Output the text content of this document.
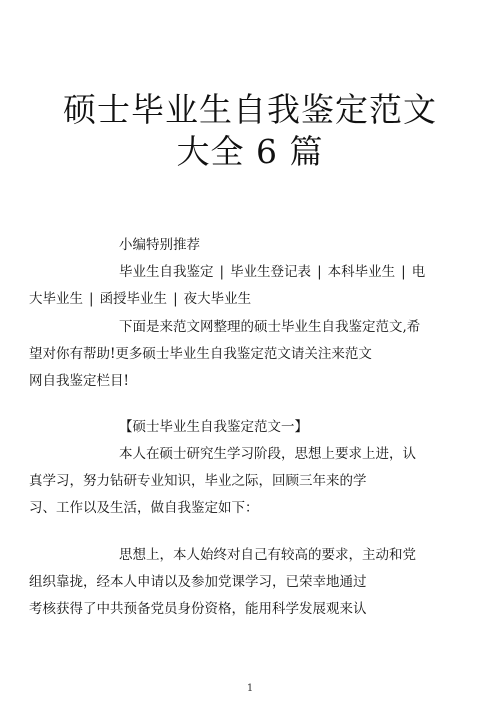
硕士毕业生自我鉴定范文
大全 6 篇

小编特别推荐

毕业生自我鉴定 | 毕业生登记表 | 本科毕业生 | 电

大毕业生 | 函授毕业生 | 夜大毕业生

下面是来范文网整理的硕士毕业生自我鉴定范文,希

望对你有帮助!更多硕士毕业生自我鉴定范文请关注来范文

网自我鉴定栏目!

【硕士毕业生自我鉴定范文一】

本人在硕士研究生学习阶段，思想上要求上进，认

真学习，努力钻研专业知识，毕业之际，回顾三年来的学

习、工作以及生活，做自我鉴定如下：

思想上，本人始终对自己有较高的要求，主动和党

组织靠拢，经本人申请以及参加党课学习，已荣幸地通过

考核获得了中共预备党员身份资格，能用科学发展观来认

1
